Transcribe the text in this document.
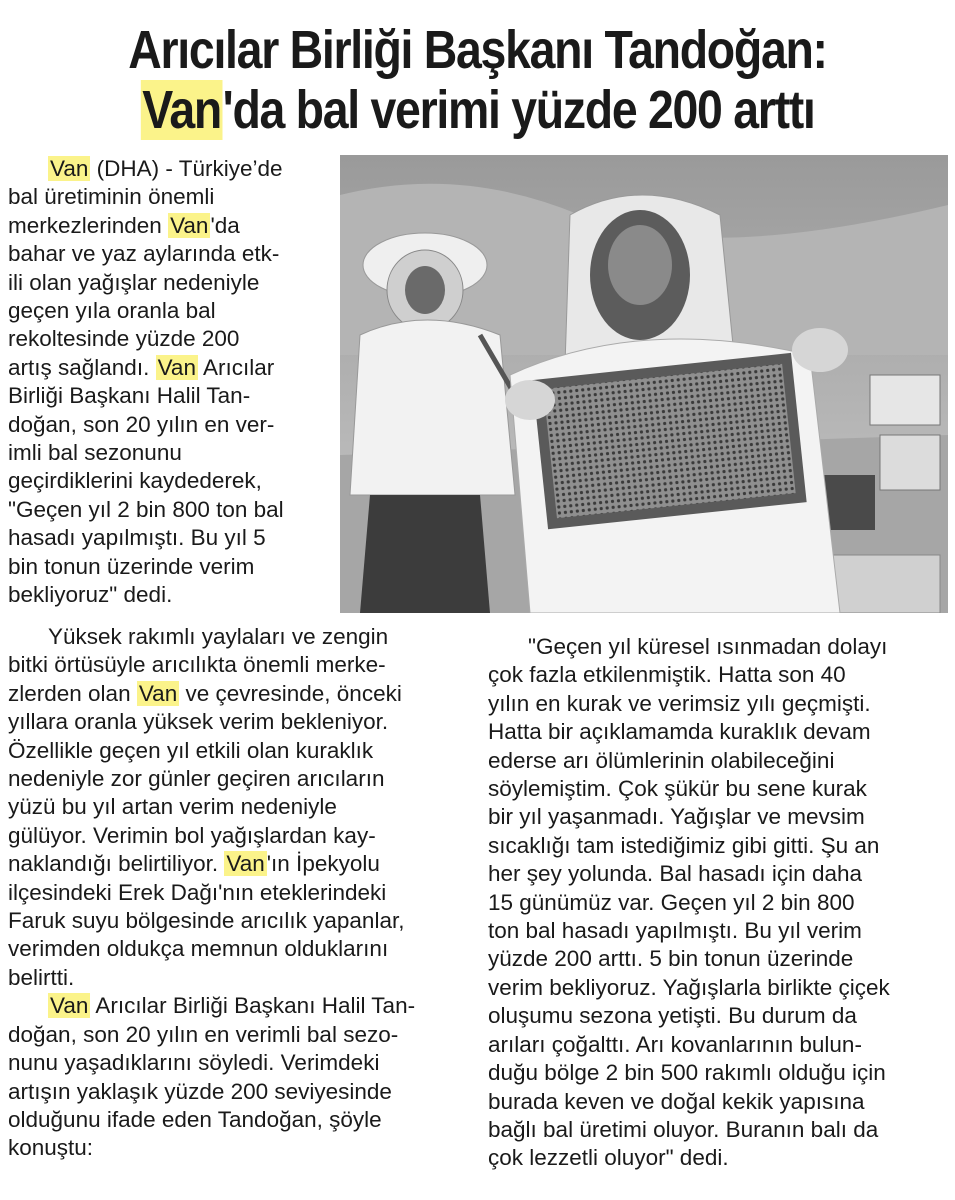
Arıcılar Birliği Başkanı Tandoğan:
Van'da bal verimi yüzde 200 arttı
Van (DHA) - Türkiye’de
bal üretiminin önemli
merkezlerinden Van'da
bahar ve yaz aylarında etk-
ili olan yağışlar nedeniyle
geçen yıla oranla bal
rekoltesinde yüzde 200
artış sağlandı. Van Arıcılar
Birliği Başkanı Halil Tan-
doğan, son 20 yılın en ver-
imli bal sezonunu
geçirdiklerini kaydederek,
"Geçen yıl 2 bin 800 ton bal
hasadı yapılmıştı. Bu yıl 5
bin tonun üzerinde verim
bekliyoruz" dedi.
Yüksek rakımlı yaylaları ve zengin
bitki örtüsüyle arıcılıkta önemli merke-
zlerden olan Van ve çevresinde, önceki
yıllara oranla yüksek verim bekleniyor.
Özellikle geçen yıl etkili olan kuraklık
nedeniyle zor günler geçiren arıcıların
yüzü bu yıl artan verim nedeniyle
gülüyor. Verimin bol yağışlardan kay-
naklandığı belirtiliyor. Van'ın İpekyolu
ilçesindeki Erek Dağı'nın eteklerindeki
Faruk suyu bölgesinde arıcılık yapanlar,
verimden oldukça memnun olduklarını
belirtti.
Van Arıcılar Birliği Başkanı Halil Tan-
doğan, son 20 yılın en verimli bal sezo-
nunu yaşadıklarını söyledi. Verimdeki
artışın yaklaşık yüzde 200 seviyesinde
olduğunu ifade eden Tandoğan, şöyle
konuştu:
"Geçen yıl küresel ısınmadan dolayı
çok fazla etkilenmiştik. Hatta son 40
yılın en kurak ve verimsiz yılı geçmişti.
Hatta bir açıklamamda kuraklık devam
ederse arı ölümlerinin olabileceğini
söylemiştim. Çok şükür bu sene kurak
bir yıl yaşanmadı. Yağışlar ve mevsim
sıcaklığı tam istediğimiz gibi gitti. Şu an
her şey yolunda. Bal hasadı için daha
15 günümüz var. Geçen yıl 2 bin 800
ton bal hasadı yapılmıştı. Bu yıl verim
yüzde 200 arttı. 5 bin tonun üzerinde
verim bekliyoruz. Yağışlarla birlikte çiçek
oluşumu sezona yetişti. Bu durum da
arıları çoğalttı. Arı kovanlarının bulun-
duğu bölge 2 bin 500 rakımlı olduğu için
burada keven ve doğal kekik yapısına
bağlı bal üretimi oluyor. Buranın balı da
çok lezzetli oluyor" dedi.
